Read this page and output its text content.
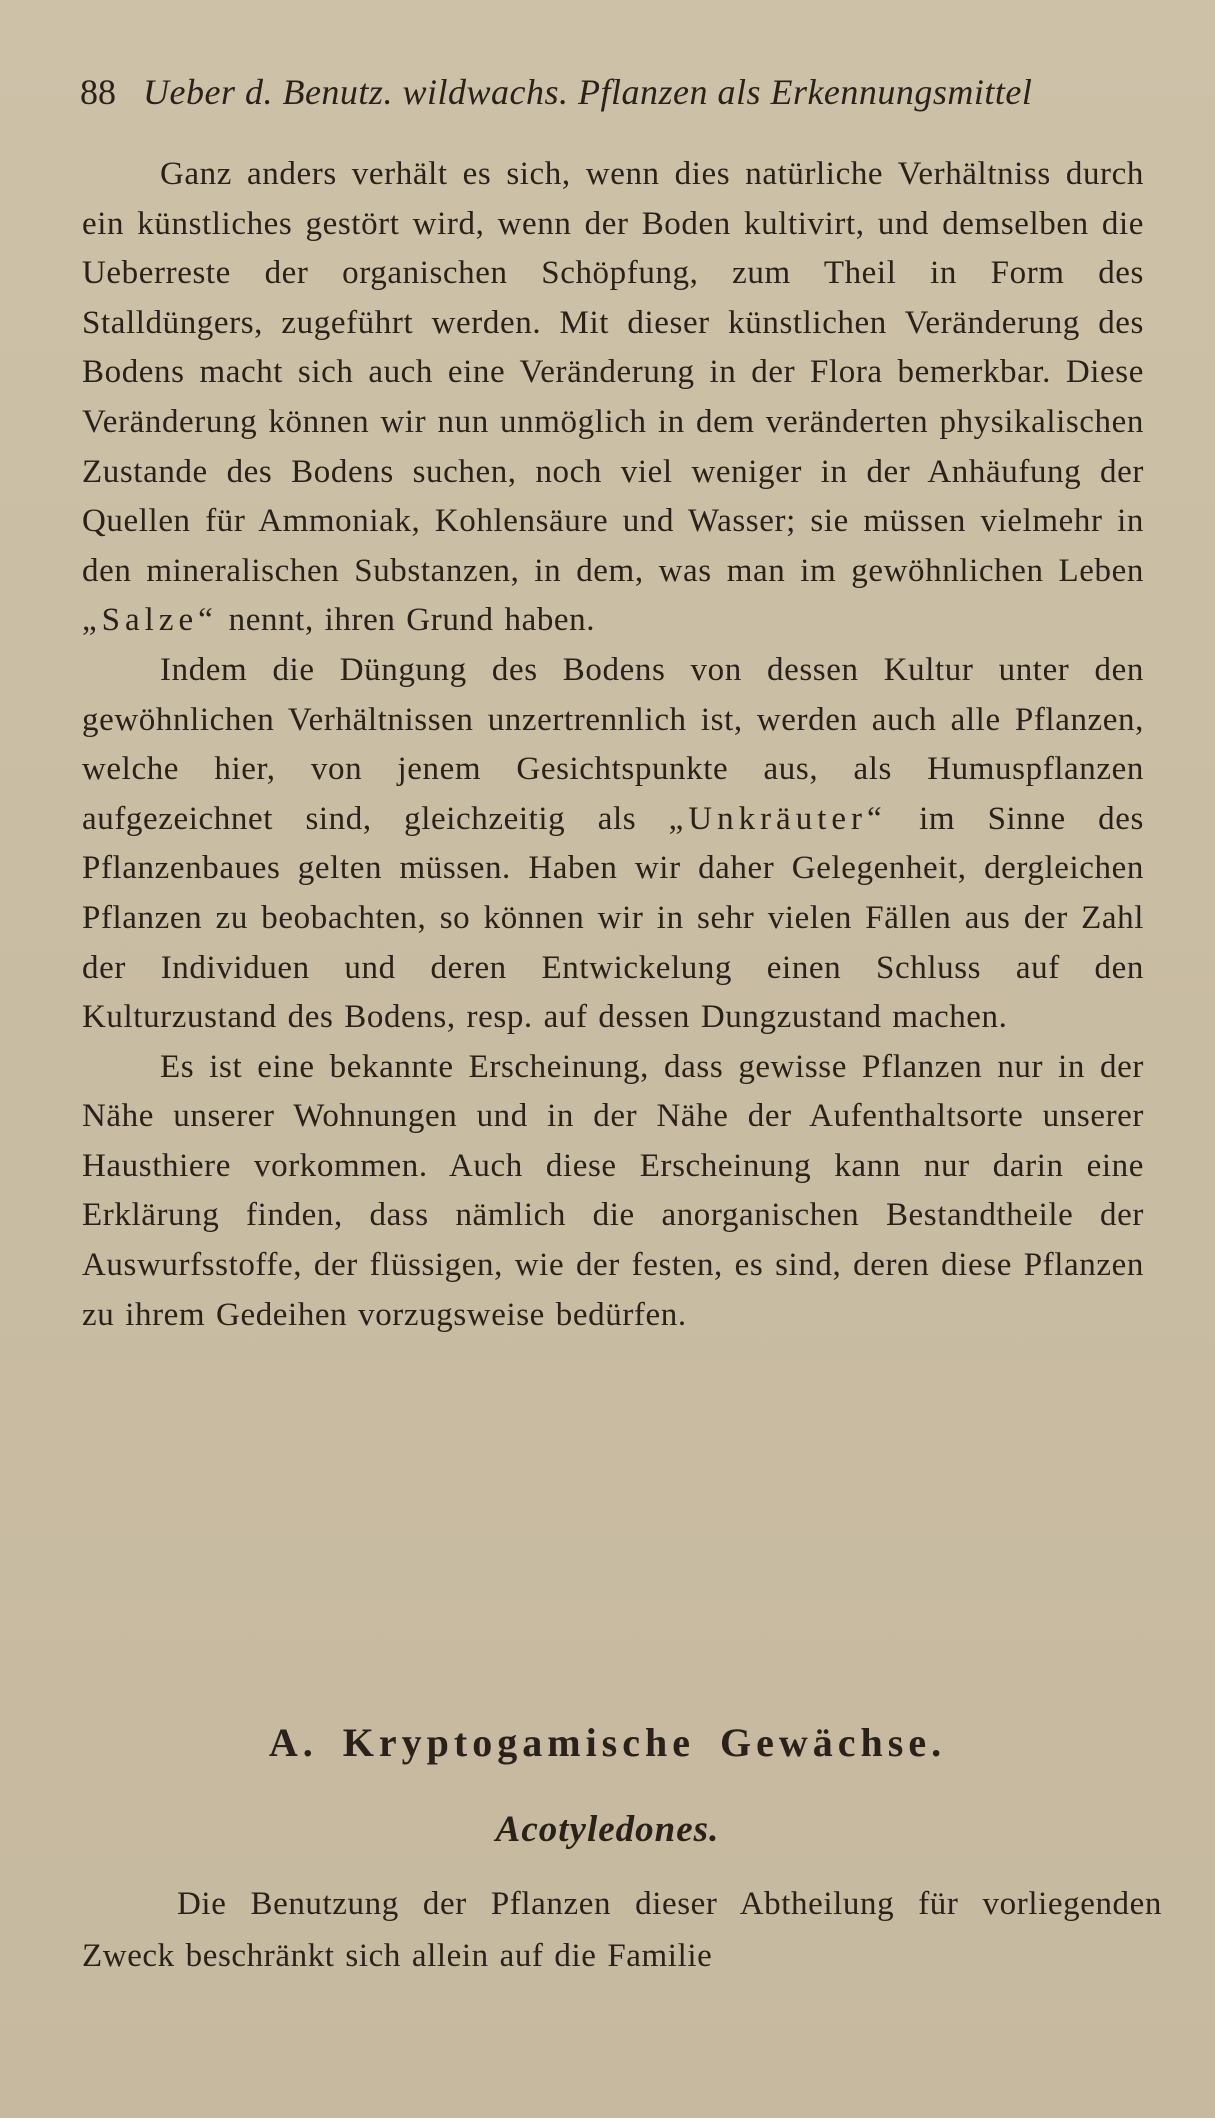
88 Ueber d. Benutz. wildwachs. Pflanzen als Erkennungsmittel

Ganz anders verhält es sich, wenn dies natürliche Verhältniss durch ein künstliches gestört wird, wenn der Boden kultivirt, und demselben die Ueberreste der organischen Schöpfung, zum Theil in Form des Stalldüngers, zugeführt werden. Mit dieser künstlichen Veränderung des Bodens macht sich auch eine Veränderung in der Flora bemerkbar. Diese Veränderung können wir nun unmöglich in dem veränderten physikalischen Zustande des Bodens suchen, noch viel weniger in der Anhäufung der Quellen für Ammoniak, Kohlensäure und Wasser; sie müssen vielmehr in den mineralischen Substanzen, in dem, was man im gewöhnlichen Leben „Salze“ nennt, ihren Grund haben.

Indem die Düngung des Bodens von dessen Kultur unter den gewöhnlichen Verhältnissen unzertrennlich ist, werden auch alle Pflanzen, welche hier, von jenem Gesichtspunkte aus, als Humuspflanzen aufgezeichnet sind, gleichzeitig als „Unkräuter“ im Sinne des Pflanzenbaues gelten müssen. Haben wir daher Gelegenheit, dergleichen Pflanzen zu beobachten, so können wir in sehr vielen Fällen aus der Zahl der Individuen und deren Entwickelung einen Schluss auf den Kulturzustand des Bodens, resp. auf dessen Dungzustand machen.

Es ist eine bekannte Erscheinung, dass gewisse Pflanzen nur in der Nähe unserer Wohnungen und in der Nähe der Aufenthaltsorte unserer Hausthiere vorkommen. Auch diese Erscheinung kann nur darin eine Erklärung finden, dass nämlich die anorganischen Bestandtheile der Auswurfsstoffe, der flüssigen, wie der festen, es sind, deren diese Pflanzen zu ihrem Gedeihen vorzugsweise bedürfen.

A. Kryptogamische Gewächse.
Acotyledones.

Die Benutzung der Pflanzen dieser Abtheilung für vorliegenden Zweck beschränkt sich allein auf die Familie
